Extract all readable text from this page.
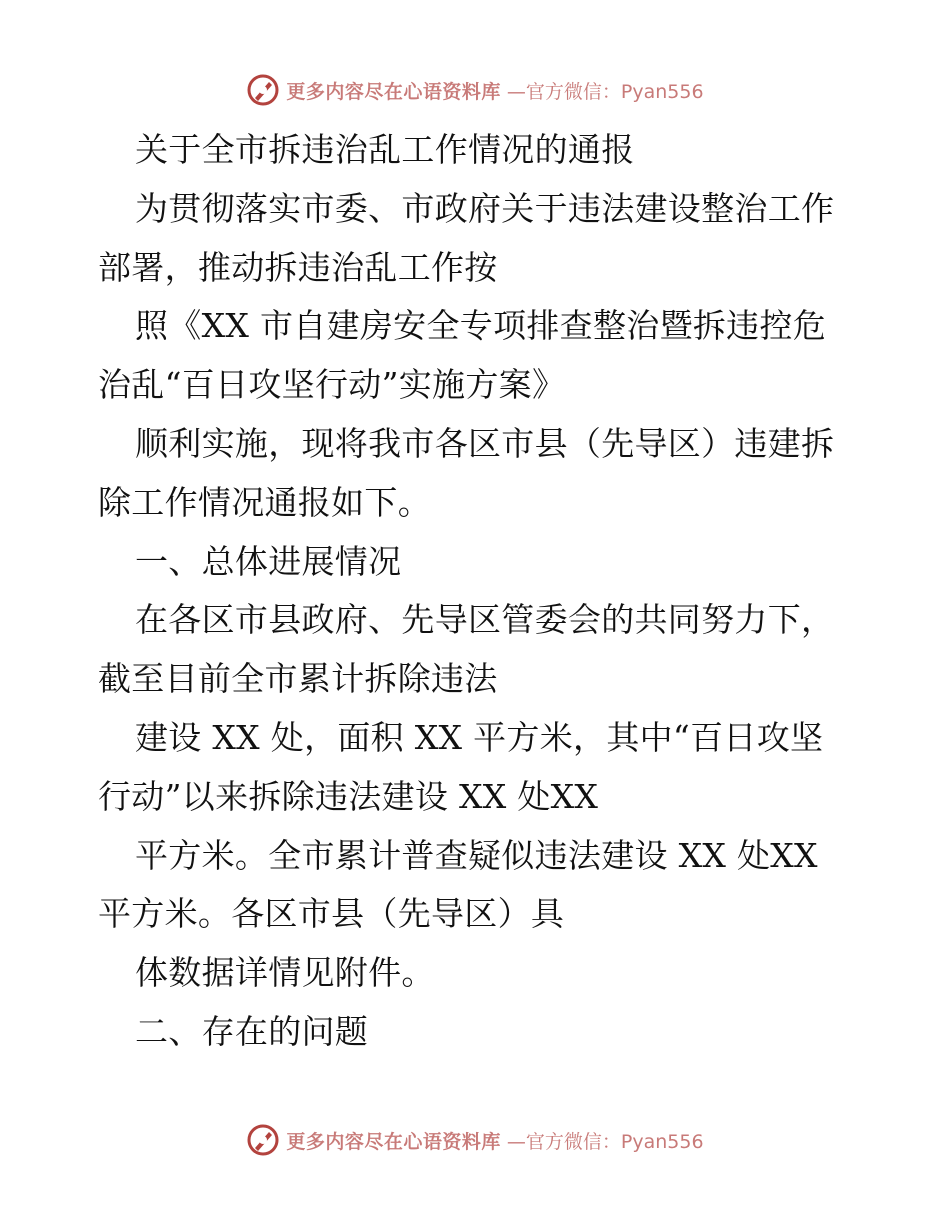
更多内容尽在心语资料库 —官方微信：Pyan556
关于全市拆违治乱工作情况的通报
为贯彻落实市委、市政府关于违法建设整治工作
部署，推动拆违治乱工作按
照《XX 市自建房安全专项排查整治暨拆违控危
治乱“百日攻坚行动”实施方案》
顺利实施，现将我市各区市县（先导区）违建拆
除工作情况通报如下。
一、总体进展情况
在各区市县政府、先导区管委会的共同努力下，
截至目前全市累计拆除违法
建设 XX 处，面积 XX 平方米，其中“百日攻坚
行动”以来拆除违法建设 XX 处XX
平方米。全市累计普查疑似违法建设 XX 处XX
平方米。各区市县（先导区）具
体数据详情见附件。
二、存在的问题
更多内容尽在心语资料库 —官方微信：Pyan556
